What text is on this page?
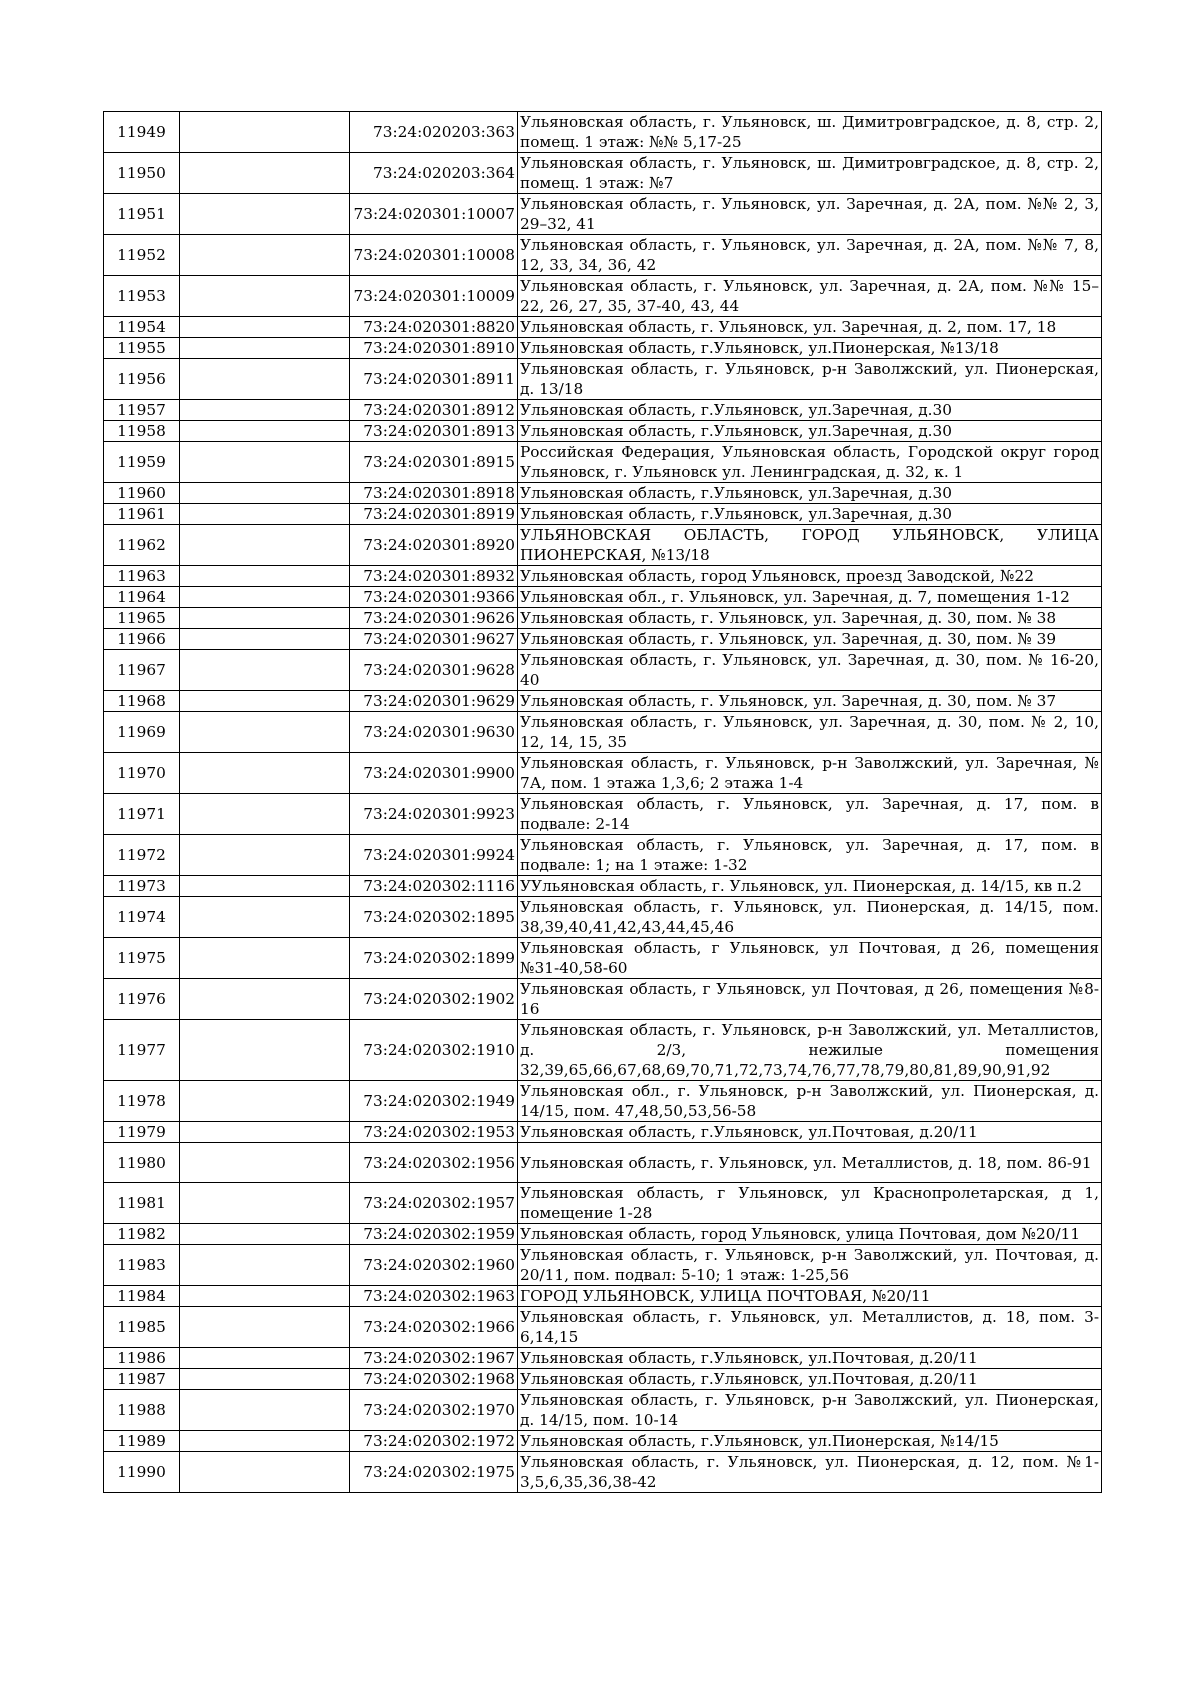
11949		73:24:020203:363	Ульяновская область, г. Ульяновск, ш. Димитровградское, д. 8, стр. 2, помещ. 1 этаж: №№ 5,17-25
11950		73:24:020203:364	Ульяновская область, г. Ульяновск, ш. Димитровградское, д. 8, стр. 2, помещ. 1 этаж: №7
11951		73:24:020301:10007	Ульяновская область, г. Ульяновск, ул. Заречная, д. 2А, пом. №№ 2, 3, 29–32, 41
11952		73:24:020301:10008	Ульяновская область, г. Ульяновск, ул. Заречная, д. 2А, пом. №№ 7, 8, 12, 33, 34, 36, 42
11953		73:24:020301:10009	Ульяновская область, г. Ульяновск, ул. Заречная, д. 2А, пом. №№ 15–22, 26, 27, 35, 37-40, 43, 44
11954		73:24:020301:8820	Ульяновская область, г. Ульяновск, ул. Заречная, д. 2, пом. 17, 18
11955		73:24:020301:8910	Ульяновская область, г.Ульяновск, ул.Пионерская, №13/18
11956		73:24:020301:8911	Ульяновская область, г. Ульяновск, р-н Заволжский, ул. Пионерская, д. 13/18
11957		73:24:020301:8912	Ульяновская область, г.Ульяновск, ул.Заречная, д.30
11958		73:24:020301:8913	Ульяновская область, г.Ульяновск, ул.Заречная, д.30
11959		73:24:020301:8915	Российская Федерация, Ульяновская область, Городской округ город Ульяновск, г. Ульяновск ул. Ленинградская, д. 32, к. 1
11960		73:24:020301:8918	Ульяновская область, г.Ульяновск, ул.Заречная, д.30
11961		73:24:020301:8919	Ульяновская область, г.Ульяновск, ул.Заречная, д.30
11962		73:24:020301:8920	УЛЬЯНОВСКАЯ ОБЛАСТЬ, ГОРОД УЛЬЯНОВСК, УЛИЦА ПИОНЕРСКАЯ, №13/18
11963		73:24:020301:8932	Ульяновская область, город Ульяновск, проезд Заводской, №22
11964		73:24:020301:9366	Ульяновская обл., г. Ульяновск, ул. Заречная, д. 7, помещения 1-12
11965		73:24:020301:9626	Ульяновская область, г. Ульяновск, ул. Заречная, д. 30, пом. № 38
11966		73:24:020301:9627	Ульяновская область, г. Ульяновск, ул. Заречная, д. 30, пом. № 39
11967		73:24:020301:9628	Ульяновская область, г. Ульяновск, ул. Заречная, д. 30, пом. № 16-20, 40
11968		73:24:020301:9629	Ульяновская область, г. Ульяновск, ул. Заречная, д. 30, пом. № 37
11969		73:24:020301:9630	Ульяновская область, г. Ульяновск, ул. Заречная, д. 30, пом. № 2, 10, 12, 14, 15, 35
11970		73:24:020301:9900	Ульяновская область, г. Ульяновск, р-н Заволжский, ул. Заречная, № 7А, пом. 1 этажа 1,3,6; 2 этажа 1-4
11971		73:24:020301:9923	Ульяновская область, г. Ульяновск, ул. Заречная, д. 17, пом. в подвале: 2-14
11972		73:24:020301:9924	Ульяновская область, г. Ульяновск, ул. Заречная, д. 17, пом. в подвале: 1; на 1 этаже: 1-32
11973		73:24:020302:1116	УУльяновская область, г. Ульяновск, ул. Пионерская, д. 14/15, кв п.2
11974		73:24:020302:1895	Ульяновская область, г. Ульяновск, ул. Пионерская, д. 14/15, пом. 38,39,40,41,42,43,44,45,46
11975		73:24:020302:1899	Ульяновская область, г Ульяновск, ул Почтовая, д 26, помещения №31-40,58-60
11976		73:24:020302:1902	Ульяновская область, г Ульяновск, ул Почтовая, д 26, помещения №8-16
11977		73:24:020302:1910	Ульяновская область, г. Ульяновск, р-н Заволжский, ул. Металлистов, д. 2/3, нежилые помещения 32,39,65,66,67,68,69,70,71,72,73,74,76,77,78,79,80,81,89,90,91,92
11978		73:24:020302:1949	Ульяновская обл., г. Ульяновск, р-н Заволжский, ул. Пионерская, д. 14/15, пом. 47,48,50,53,56-58
11979		73:24:020302:1953	Ульяновская область, г.Ульяновск, ул.Почтовая, д.20/11
11980		73:24:020302:1956	Ульяновская область, г. Ульяновск, ул. Металлистов, д. 18, пом. 86-91
11981		73:24:020302:1957	Ульяновская область, г Ульяновск, ул Краснопролетарская, д 1, помещение 1-28
11982		73:24:020302:1959	Ульяновская область, город Ульяновск, улица Почтовая, дом №20/11
11983		73:24:020302:1960	Ульяновская область, г. Ульяновск, р-н Заволжский, ул. Почтовая, д. 20/11, пом. подвал: 5-10; 1 этаж: 1-25,56
11984		73:24:020302:1963	ГОРОД УЛЬЯНОВСК, УЛИЦА ПОЧТОВАЯ, №20/11
11985		73:24:020302:1966	Ульяновская область, г. Ульяновск, ул. Металлистов, д. 18, пом. 3-6,14,15
11986		73:24:020302:1967	Ульяновская область, г.Ульяновск, ул.Почтовая, д.20/11
11987		73:24:020302:1968	Ульяновская область, г.Ульяновск, ул.Почтовая, д.20/11
11988		73:24:020302:1970	Ульяновская область, г. Ульяновск, р-н Заволжский, ул. Пионерская, д. 14/15, пом. 10-14
11989		73:24:020302:1972	Ульяновская область, г.Ульяновск, ул.Пионерская, №14/15
11990		73:24:020302:1975	Ульяновская область, г. Ульяновск, ул. Пионерская, д. 12, пом. №1-3,5,6,35,36,38-42
